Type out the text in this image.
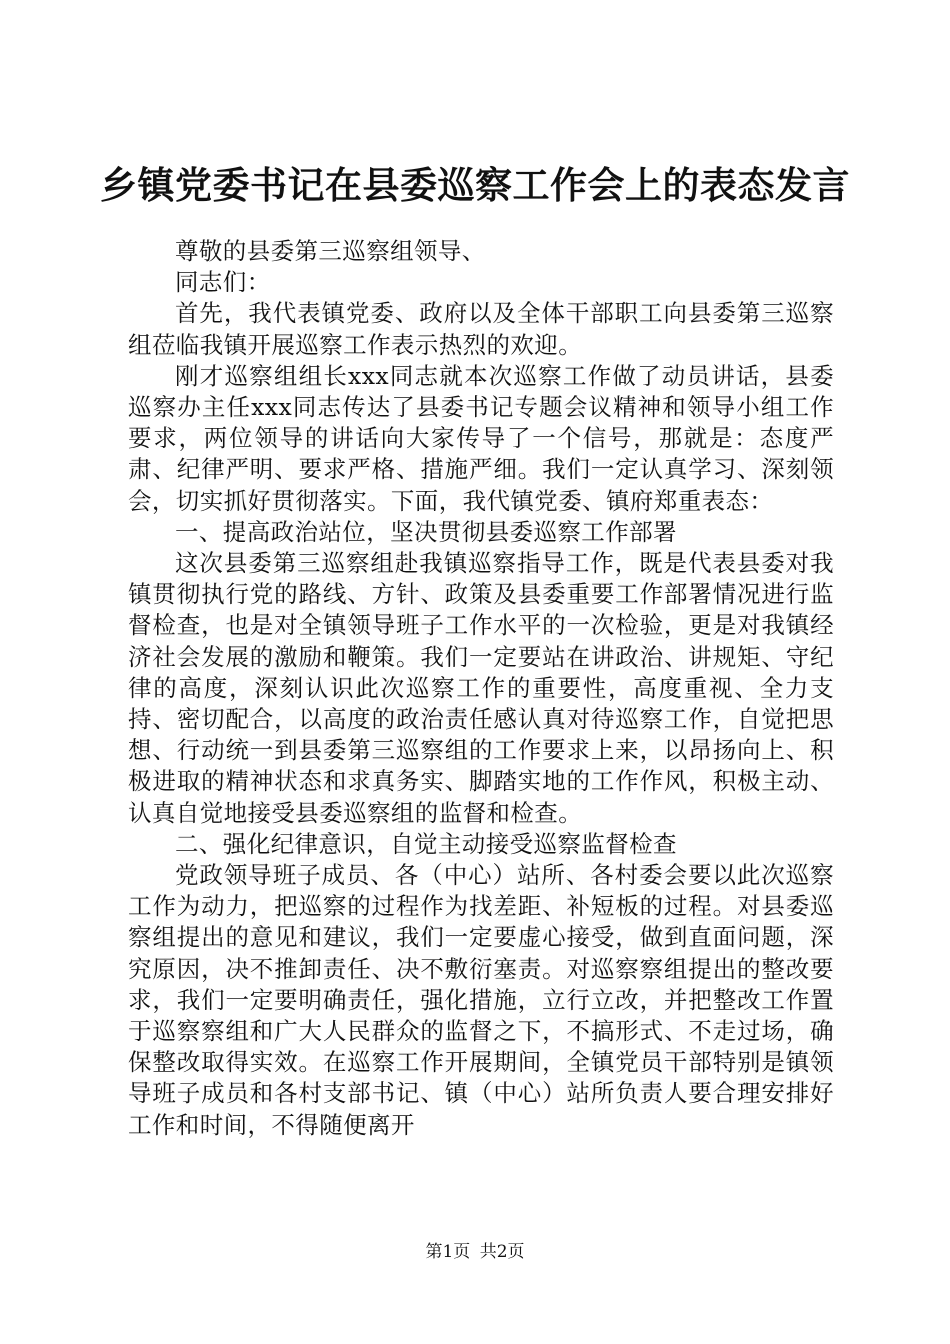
乡镇党委书记在县委巡察工作会上的表态发言

尊敬的县委第三巡察组领导、

同志们：

首先，我代表镇党委、政府以及全体干部职工向县委第三巡察组莅临我镇开展巡察工作表示热烈的欢迎。

刚才巡察组组长xxx同志就本次巡察工作做了动员讲话，县委巡察办主任xxx同志传达了县委书记专题会议精神和领导小组工作要求，两位领导的讲话向大家传导了一个信号，那就是：态度严肃、纪律严明、要求严格、措施严细。我们一定认真学习、深刻领会，切实抓好贯彻落实。下面，我代镇党委、镇府郑重表态：

一、提高政治站位，坚决贯彻县委巡察工作部署

这次县委第三巡察组赴我镇巡察指导工作，既是代表县委对我镇贯彻执行党的路线、方针、政策及县委重要工作部署情况进行监督检查，也是对全镇领导班子工作水平的一次检验，更是对我镇经济社会发展的激励和鞭策。我们一定要站在讲政治、讲规矩、守纪律的高度，深刻认识此次巡察工作的重要性，高度重视、全力支持、密切配合，以高度的政治责任感认真对待巡察工作，自觉把思想、行动统一到县委第三巡察组的工作要求上来，以昂扬向上、积极进取的精神状态和求真务实、脚踏实地的工作作风，积极主动、认真自觉地接受县委巡察组的监督和检查。

二、强化纪律意识，自觉主动接受巡察监督检查

党政领导班子成员、各（中心）站所、各村委会要以此次巡察工作为动力，把巡察的过程作为找差距、补短板的过程。对县委巡察组提出的意见和建议，我们一定要虚心接受，做到直面问题，深究原因，决不推卸责任、决不敷衍塞责。对巡察察组提出的整改要求，我们一定要明确责任，强化措施，立行立改，并把整改工作置于巡察察组和广大人民群众的监督之下，不搞形式、不走过场，确保整改取得实效。在巡察工作开展期间，全镇党员干部特别是镇领导班子成员和各村支部书记、镇（中心）站所负责人要合理安排好工作和时间，不得随便离开

第1页 共2页
